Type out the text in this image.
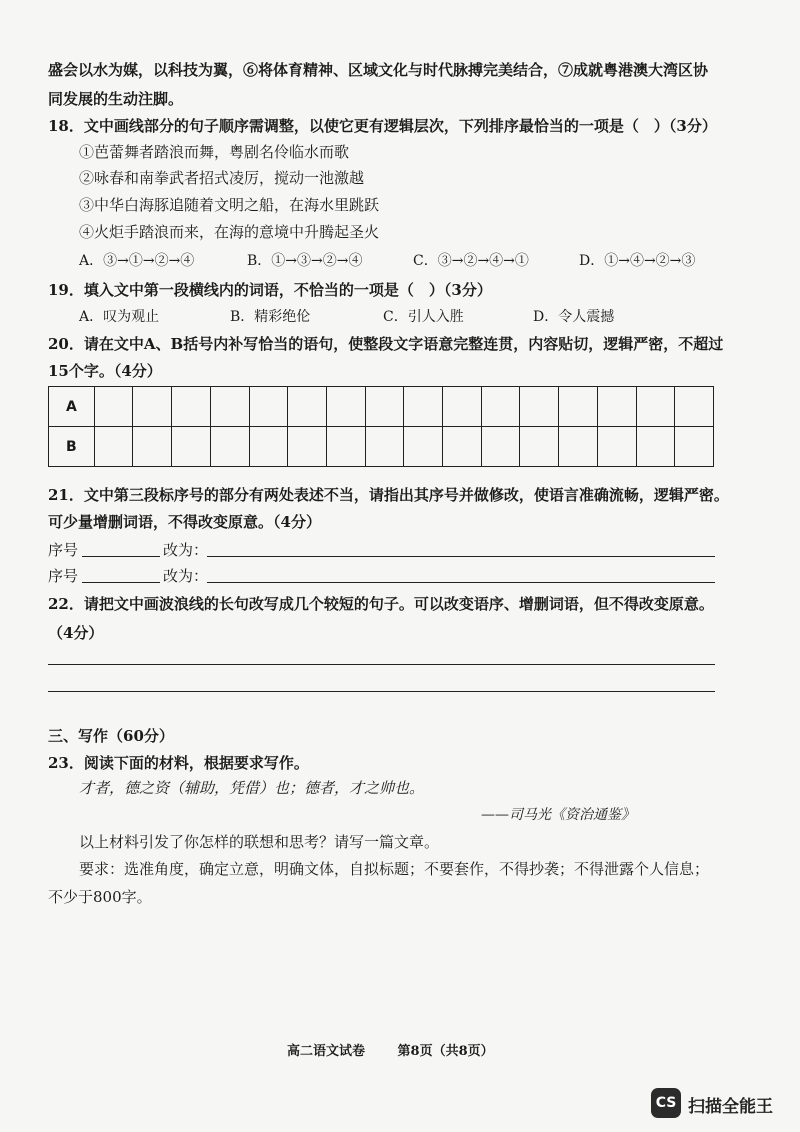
盛会以水为媒，以科技为翼，⑥将体育精神、区域文化与时代脉搏完美结合，⑦成就粤港澳大湾区协
同发展的生动注脚。
18．文中画线部分的句子顺序需调整，以使它更有逻辑层次，下列排序最恰当的一项是（　）（3分）
①芭蕾舞者踏浪而舞，粤剧名伶临水而歌
②咏春和南拳武者招式凌厉，搅动一池激越
③中华白海豚追随着文明之船，在海水里跳跃
④火炬手踏浪而来，在海的意境中升腾起圣火
A．③→①→②→④	B．①→③→②→④	C．③→②→④→①	D．①→④→②→③
19．填入文中第一段横线内的词语，不恰当的一项是（　）（3分）
A．叹为观止	B．精彩绝伦	C．引人入胜	D．令人震撼
20．请在文中A、B括号内补写恰当的语句，使整段文字语意完整连贯，内容贴切，逻辑严密，不超过
15个字。（4分）
A																
B																
21．文中第三段标序号的部分有两处表述不当，请指出其序号并做修改，使语言准确流畅，逻辑严密。
可少量增删词语，不得改变原意。（4分）
序号	改为：
序号	改为：
22．请把文中画波浪线的长句改写成几个较短的句子。可以改变语序、增删词语，但不得改变原意。
（4分）
三、写作（60分）
23．阅读下面的材料，根据要求写作。
才者，德之资（辅助，凭借）也；德者，才之帅也。
——司马光《资治通鉴》
以上材料引发了你怎样的联想和思考？请写一篇文章。
要求：选准角度，确定立意，明确文体，自拟标题；不要套作，不得抄袭；不得泄露个人信息；
不少于800字。
高二语文试卷	第8页（共8页）
CS 扫描全能王
